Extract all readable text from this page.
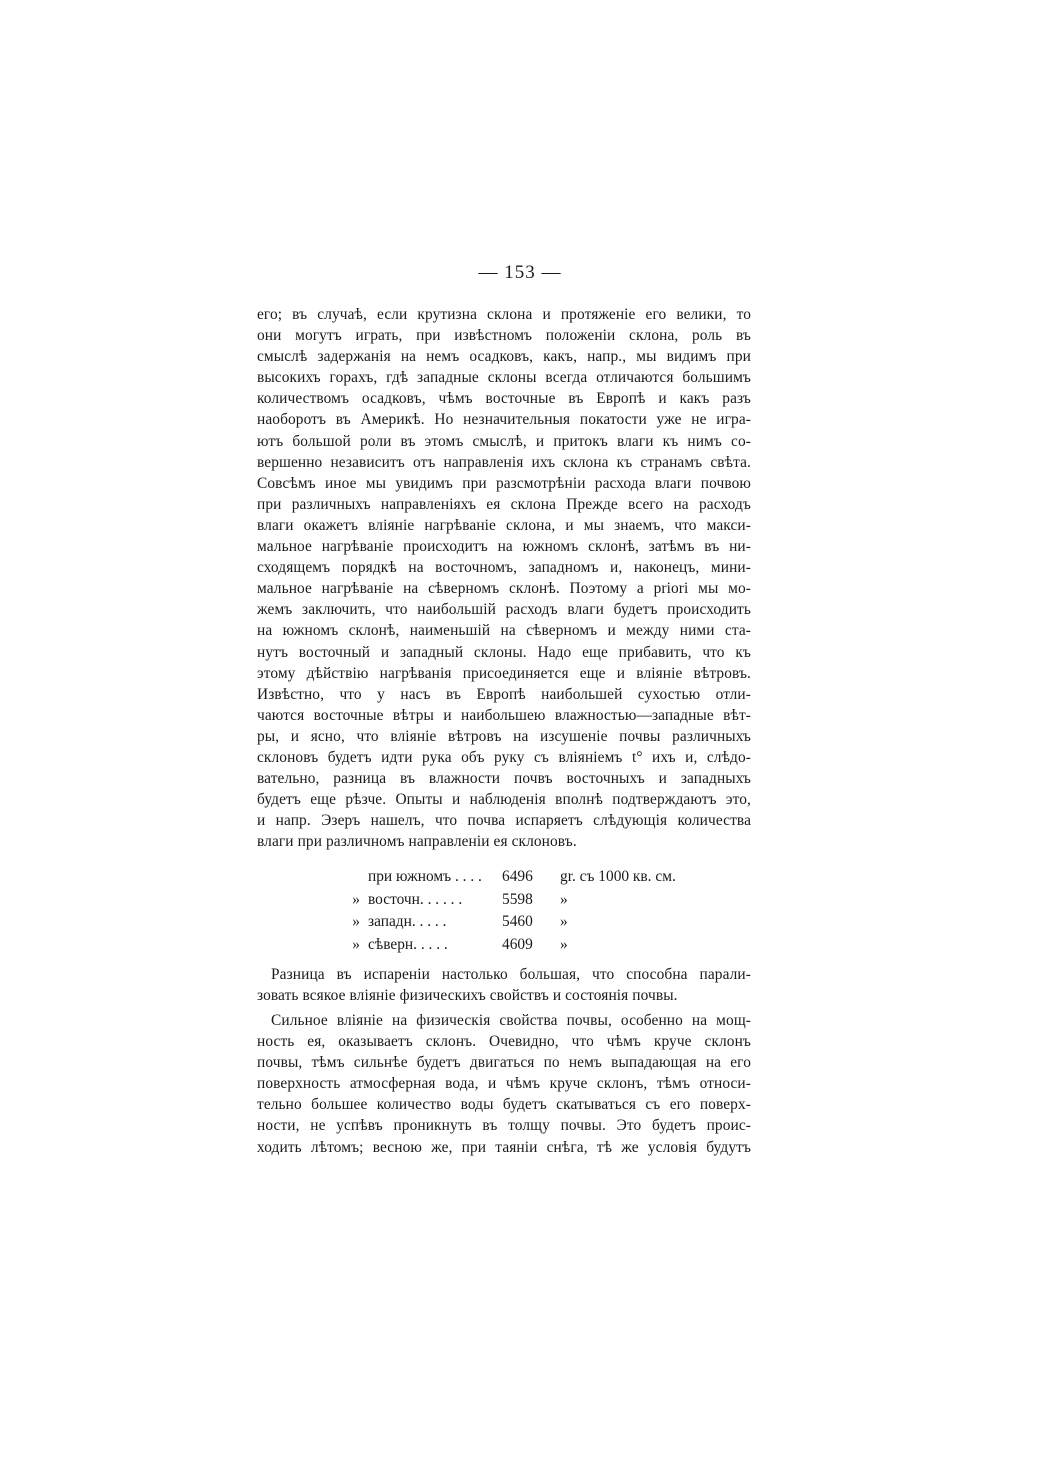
— 153 —
его; въ случаѣ, если крутизна склона и протяженіе его велики, то
они могутъ играть, при извѣстномъ положеніи склона, роль въ
смыслѣ задержанія на немъ осадковъ, какъ, напр., мы видимъ при
высокихъ горахъ, гдѣ западные склоны всегда отличаются большимъ
количествомъ осадковъ, чѣмъ восточные въ Европѣ и какъ разъ
наоборотъ въ Америкѣ. Но незначительныя покатости уже не игра-
ютъ большой роли въ этомъ смыслѣ, и притокъ влаги къ нимъ со-
вершенно независитъ отъ направленія ихъ склона къ странамъ свѣта.
Совсѣмъ иное мы увидимъ при разсмотрѣніи расхода влаги почвою
при различныхъ направленіяхъ ея склона Прежде всего на расходъ
влаги окажетъ вліяніе нагрѣваніе склона, и мы знаемъ, что макси-
мальное нагрѣваніе происходитъ на южномъ склонѣ, затѣмъ въ ни-
сходящемъ порядкѣ на восточномъ, западномъ и, наконецъ, мини-
мальное нагрѣваніе на сѣверномъ склонѣ. Поэтому a priori мы мо-
жемъ заключить, что наибольшій расходъ влаги будетъ происходить
на южномъ склонѣ, наименьшій на сѣверномъ и между ними ста-
нутъ восточный и западный склоны. Надо еще прибавить, что къ
этому дѣйствію нагрѣванія присоединяется еще и вліяніе вѣтровъ.
Извѣстно, что у насъ въ Европѣ наибольшей сухостью отли-
чаются восточные вѣтры и наибольшею влажностью—западные вѣт-
ры, и ясно, что вліяніе вѣтровъ на изсушеніе почвы различныхъ
склоновъ будетъ идти рука объ руку съ вліяніемъ t° ихъ и, слѣдо-
вательно, разница въ влажности почвъ восточныхъ и западныхъ
будетъ еще рѣзче. Опыты и наблюденія вполнѣ подтверждаютъ это,
и напр. Эзеръ нашелъ, что почва испаряетъ слѣдующія количества
влаги при различномъ направленіи ея склоновъ.
при южномъ . . . .	6496	gr. съ 1000 кв. см.
» восточн. . . . . .	5598	»
» западн. . . . .	5460	»
» сѣверн. . . . .	4609	»
Разница въ испареніи настолько большая, что способна парали-
зовать всякое вліяніе физическихъ свойствъ и состоянія почвы.
Сильное вліяніе на физическія свойства почвы, особенно на мощ-
ность ея, оказываетъ склонъ. Очевидно, что чѣмъ круче склонъ
почвы, тѣмъ сильнѣе будетъ двигаться по немъ выпадающая на его
поверхность атмосферная вода, и чѣмъ круче склонъ, тѣмъ относи-
тельно большее количество воды будетъ скатываться съ его поверх-
ности, не успѣвъ проникнуть въ толщу почвы. Это будетъ проис-
ходить лѣтомъ; весною же, при таяніи снѣга, тѣ же условія будутъ
